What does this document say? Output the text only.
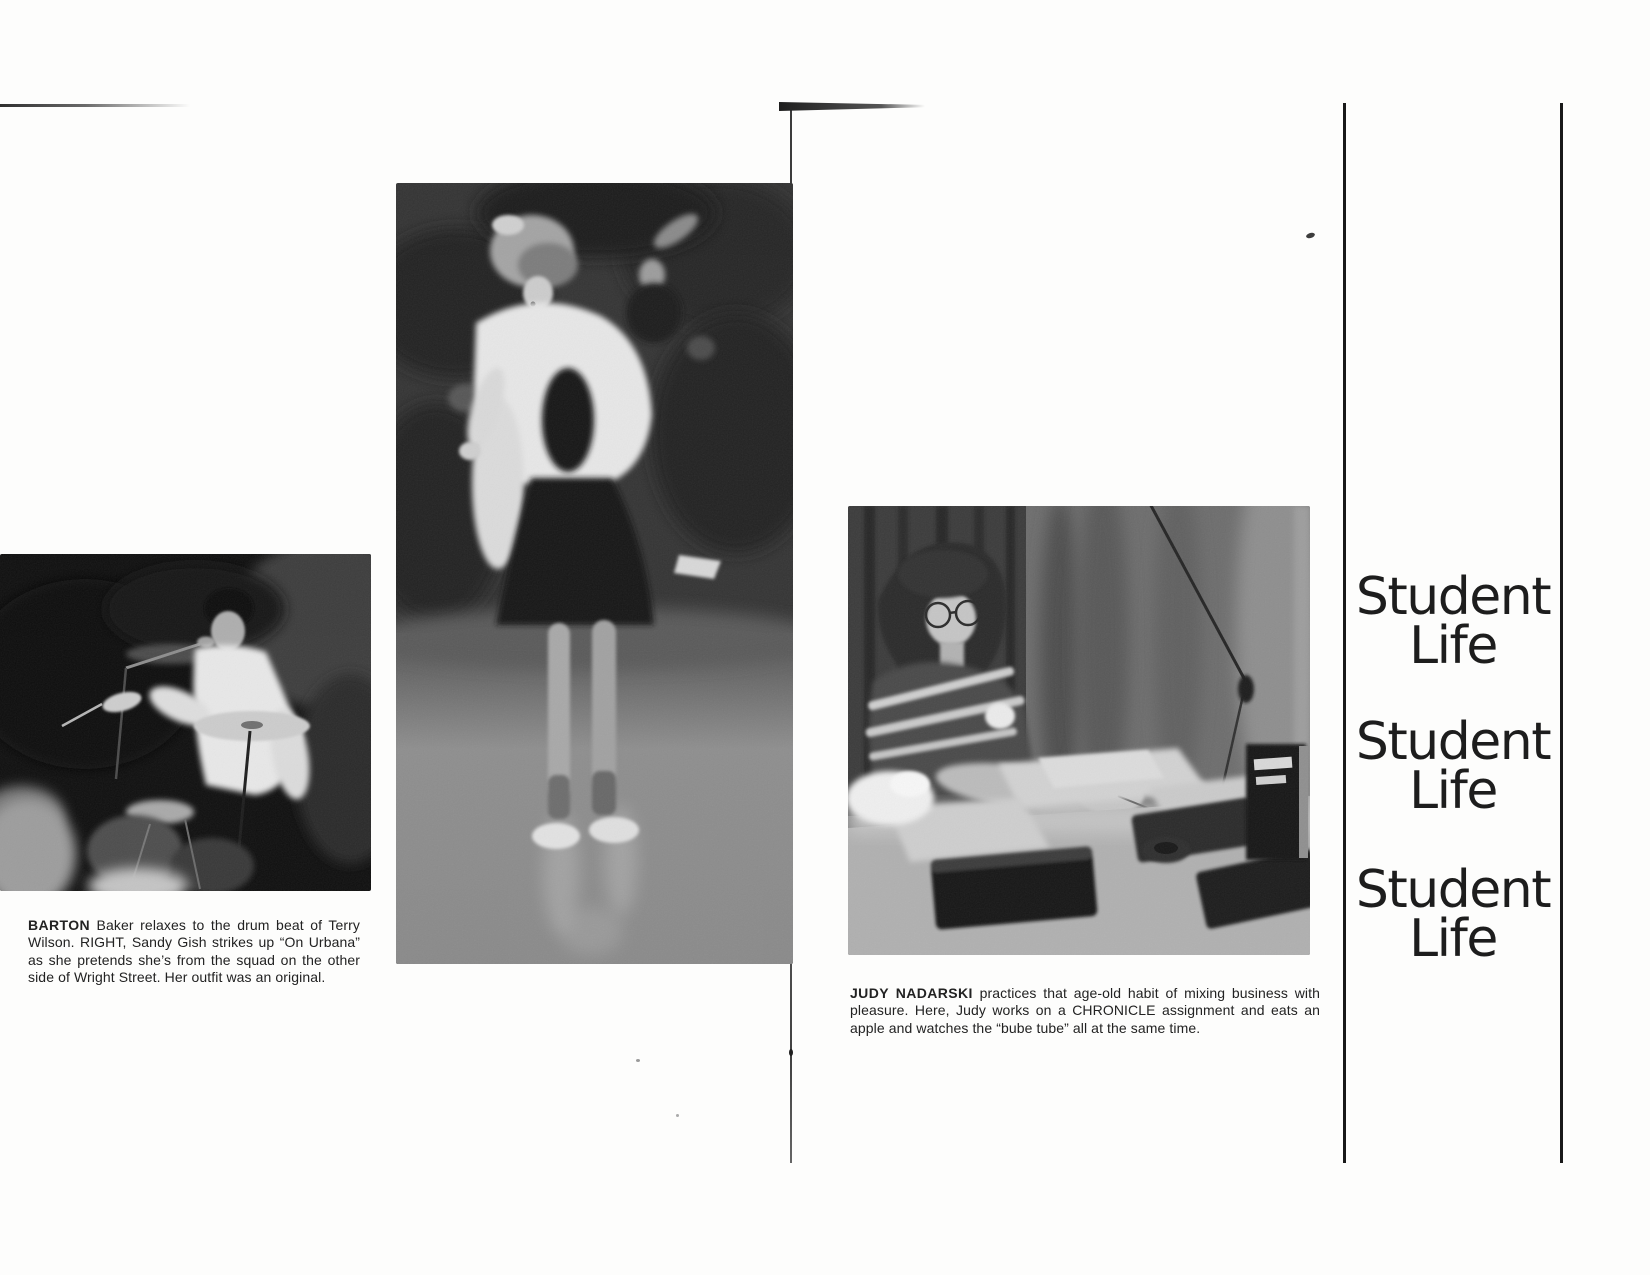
BARTON Baker relaxes to the drum beat of Terry Wilson. RIGHT, Sandy Gish strikes up “On Urbana” as she pretends she’s from the squad on the other side of Wright Street. Her outfit was an original.

JUDY NADARSKI practices that age-old habit of mixing business with pleasure. Here, Judy works on a CHRONICLE assignment and eats an apple and watches the “bube tube” all at the same time.

Student
Life
Student
Life
Student
Life
